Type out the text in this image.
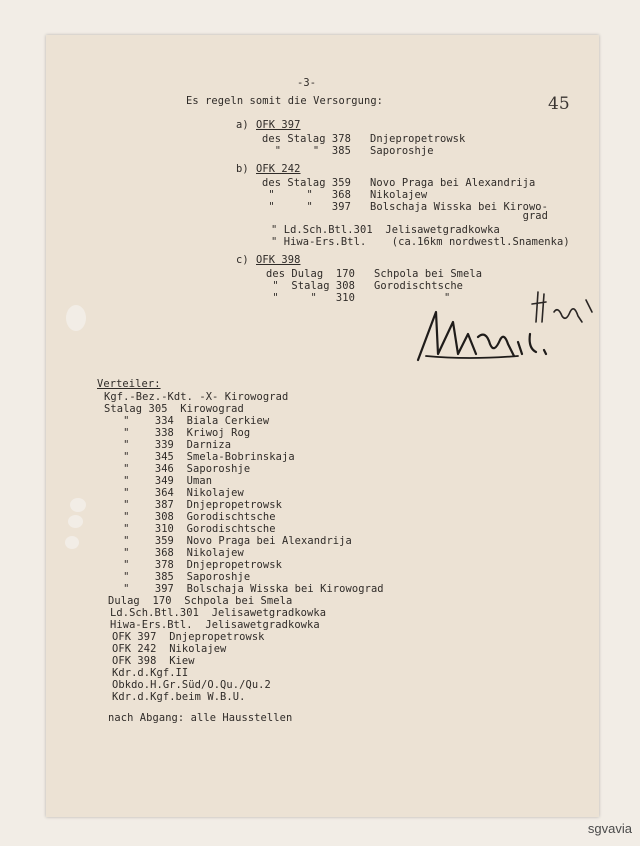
-3-
45
Es regeln somit die Versorgung:
a) OFK 397
des Stalag 378   Dnjepropetrowsk
"     "  385   Saporoshje
b) OFK 242
des Stalag 359   Novo Praga bei Alexandrija
"     "   368   Nikolajew
"     "   397   Bolschaja Wisska bei Kirowo-
grad
" Ld.Sch.Btl.301  Jelisawetgradkowka
" Hiwa-Ers.Btl.    (ca.16km nordwestl.Snamenka)
c) OFK 398
des Dulag  170   Schpola bei Smela
"  Stalag 308   Gorodischtsche
"     "   310              "
Verteiler:
Kgf.-Bez.-Kdt. -X- Kirowograd
Stalag 305  Kirowograd
"    334  Biala Cerkiew
"    338  Kriwoj Rog
"    339  Darniza
"    345  Smela-Bobrinskaja
"    346  Saporoshje
"    349  Uman
"    364  Nikolajew
"    387  Dnjepropetrowsk
"    308  Gorodischtsche
"    310  Gorodischtsche
"    359  Novo Praga bei Alexandrija
"    368  Nikolajew
"    378  Dnjepropetrowsk
"    385  Saporoshje
"    397  Bolschaja Wisska bei Kirowograd
Dulag  170  Schpola bei Smela
Ld.Sch.Btl.301  Jelisawetgradkowka
Hiwa-Ers.Btl.  Jelisawetgradkowka
OFK 397  Dnjepropetrowsk
OFK 242  Nikolajew
OFK 398  Kiew
Kdr.d.Kgf.II
Obkdo.H.Gr.Süd/O.Qu./Qu.2
Kdr.d.Kgf.beim W.B.U.
nach Abgang: alle Hausstellen
sgvavia
